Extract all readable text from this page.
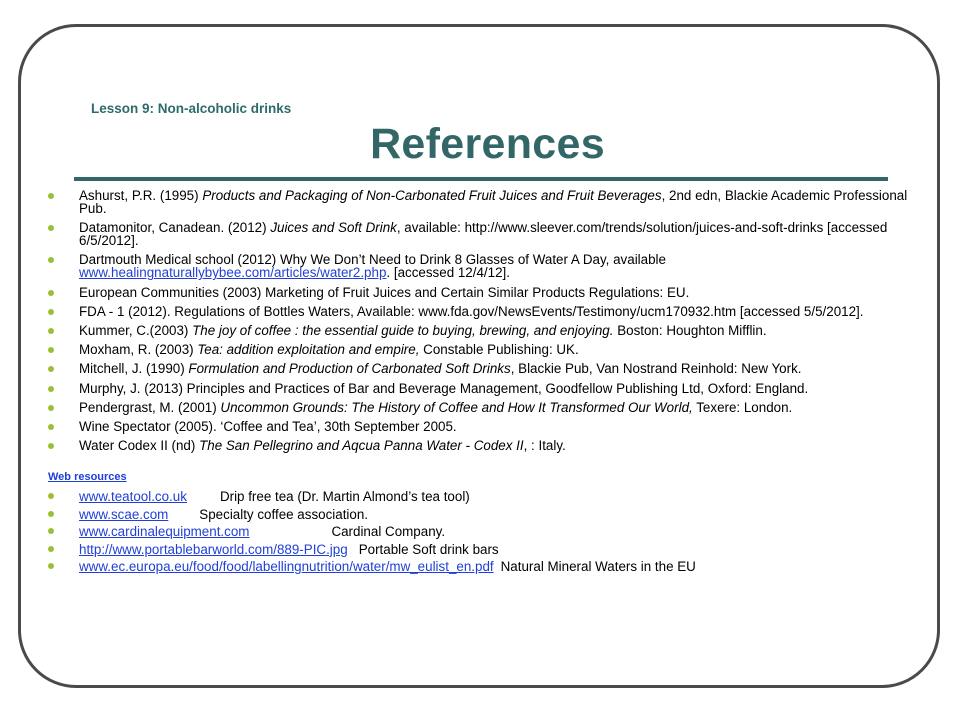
Lesson 9: Non-alcoholic drinks
References
Ashurst, P.R. (1995) Products and Packaging of Non-Carbonated Fruit Juices and Fruit Beverages, 2nd edn, Blackie Academic Professional Pub.
Datamonitor, Canadean. (2012) Juices and Soft Drink, available: http://www.sleever.com/trends/solution/juices-and-soft-drinks [accessed 6/5/2012].
Dartmouth Medical school (2012) Why We Don’t Need to Drink 8 Glasses of Water A Day, available www.healingnaturallybybee.com/articles/water2.php. [accessed 12/4/12].
European Communities (2003) Marketing of Fruit Juices and Certain Similar Products Regulations: EU.
FDA - 1 (2012). Regulations of Bottles Waters, Available: www.fda.gov/NewsEvents/Testimony/ucm170932.htm [accessed 5/5/2012].
Kummer, C.(2003) The joy of coffee : the essential guide to buying, brewing, and enjoying. Boston: Houghton Mifflin.
Moxham, R. (2003) Tea: addition exploitation and empire, Constable Publishing: UK.
Mitchell, J. (1990) Formulation and Production of Carbonated Soft Drinks, Blackie Pub, Van Nostrand Reinhold: New York.
Murphy, J. (2013) Principles and Practices of Bar and Beverage Management, Goodfellow Publishing Ltd, Oxford: England.
Pendergrast, M. (2001) Uncommon Grounds: The History of Coffee and How It Transformed Our World, Texere: London.
Wine Spectator (2005). ‘Coffee and Tea’, 30th September 2005.
Water Codex II (nd) The San Pellegrino and Aqcua Panna Water - Codex II, : Italy.
Web resources
www.teatool.co.uk Drip free tea (Dr. Martin Almond’s tea tool)
www.scae.com Specialty coffee association.
www.cardinalequipment.com	Cardinal Company.
http://www.portablebarworld.com/889-PIC.jpg Portable Soft drink bars
www.ec.europa.eu/food/food/labellingnutrition/water/mw_eulist_en.pdf Natural Mineral Waters in the EU
